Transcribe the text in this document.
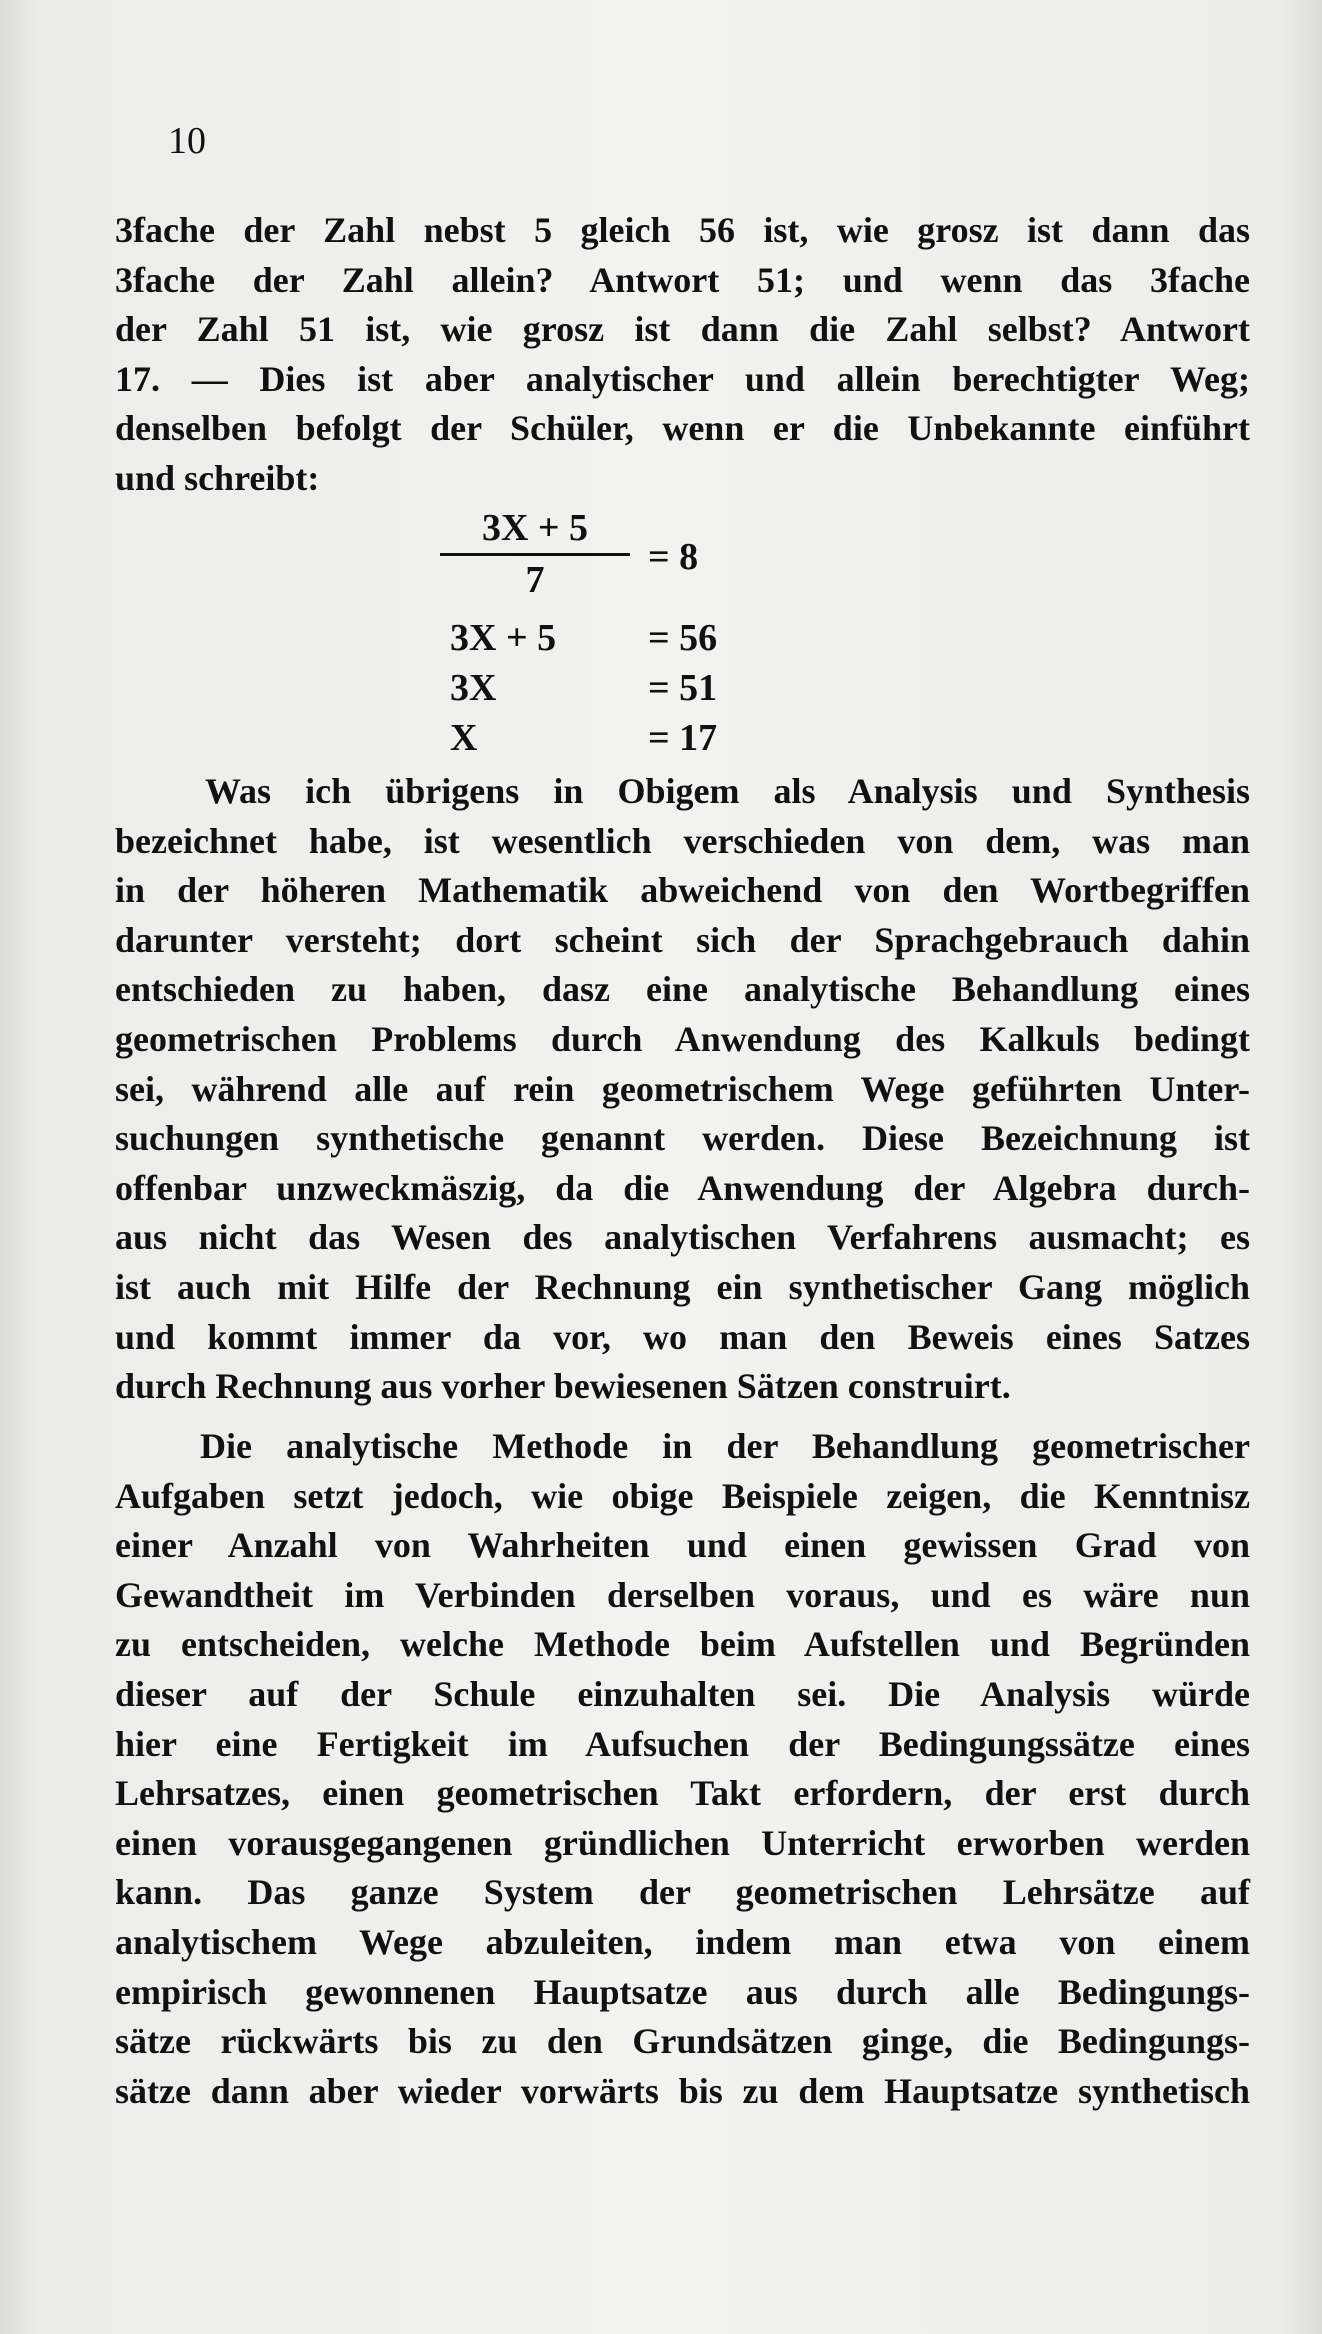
10
3fache der Zahl nebst 5 gleich 56 ist, wie grosz ist dann das
3fache der Zahl allein? Antwort 51; und wenn das 3fache
der Zahl 51 ist, wie grosz ist dann die Zahl selbst? Antwort
17. — Dies ist aber analytischer und allein berechtigter Weg;
denselben befolgt der Schüler, wenn er die Unbekannte einführt
und schreibt:
3X + 5
7
= 8
3X + 5 = 56
3X	= 51
X	= 17
Was ich übrigens in Obigem als Analysis und Synthesis
bezeichnet habe, ist wesentlich verschieden von dem, was man
in der höheren Mathematik abweichend von den Wortbegriffen
darunter versteht; dort scheint sich der Sprachgebrauch dahin
entschieden zu haben, dasz eine analytische Behandlung eines
geometrischen Problems durch Anwendung des Kalkuls bedingt
sei, während alle auf rein geometrischem Wege geführten Unter-
suchungen synthetische genannt werden. Diese Bezeichnung ist
offenbar unzweckmäszig, da die Anwendung der Algebra durch-
aus nicht das Wesen des analytischen Verfahrens ausmacht; es
ist auch mit Hilfe der Rechnung ein synthetischer Gang möglich
und kommt immer da vor, wo man den Beweis eines Satzes
durch Rechnung aus vorher bewiesenen Sätzen construirt.
Die analytische Methode in der Behandlung geometrischer
Aufgaben setzt jedoch, wie obige Beispiele zeigen, die Kenntnisz
einer Anzahl von Wahrheiten und einen gewissen Grad von
Gewandtheit im Verbinden derselben voraus, und es wäre nun
zu entscheiden, welche Methode beim Aufstellen und Begründen
dieser auf der Schule einzuhalten sei. Die Analysis würde
hier eine Fertigkeit im Aufsuchen der Bedingungssätze eines
Lehrsatzes, einen geometrischen Takt erfordern, der erst durch
einen vorausgegangenen gründlichen Unterricht erworben werden
kann. Das ganze System der geometrischen Lehrsätze auf
analytischem Wege abzuleiten, indem man etwa von einem
empirisch gewonnenen Hauptsatze aus durch alle Bedingungs-
sätze rückwärts bis zu den Grundsätzen ginge, die Bedingungs-
sätze dann aber wieder vorwärts bis zu dem Hauptsatze synthetisch
